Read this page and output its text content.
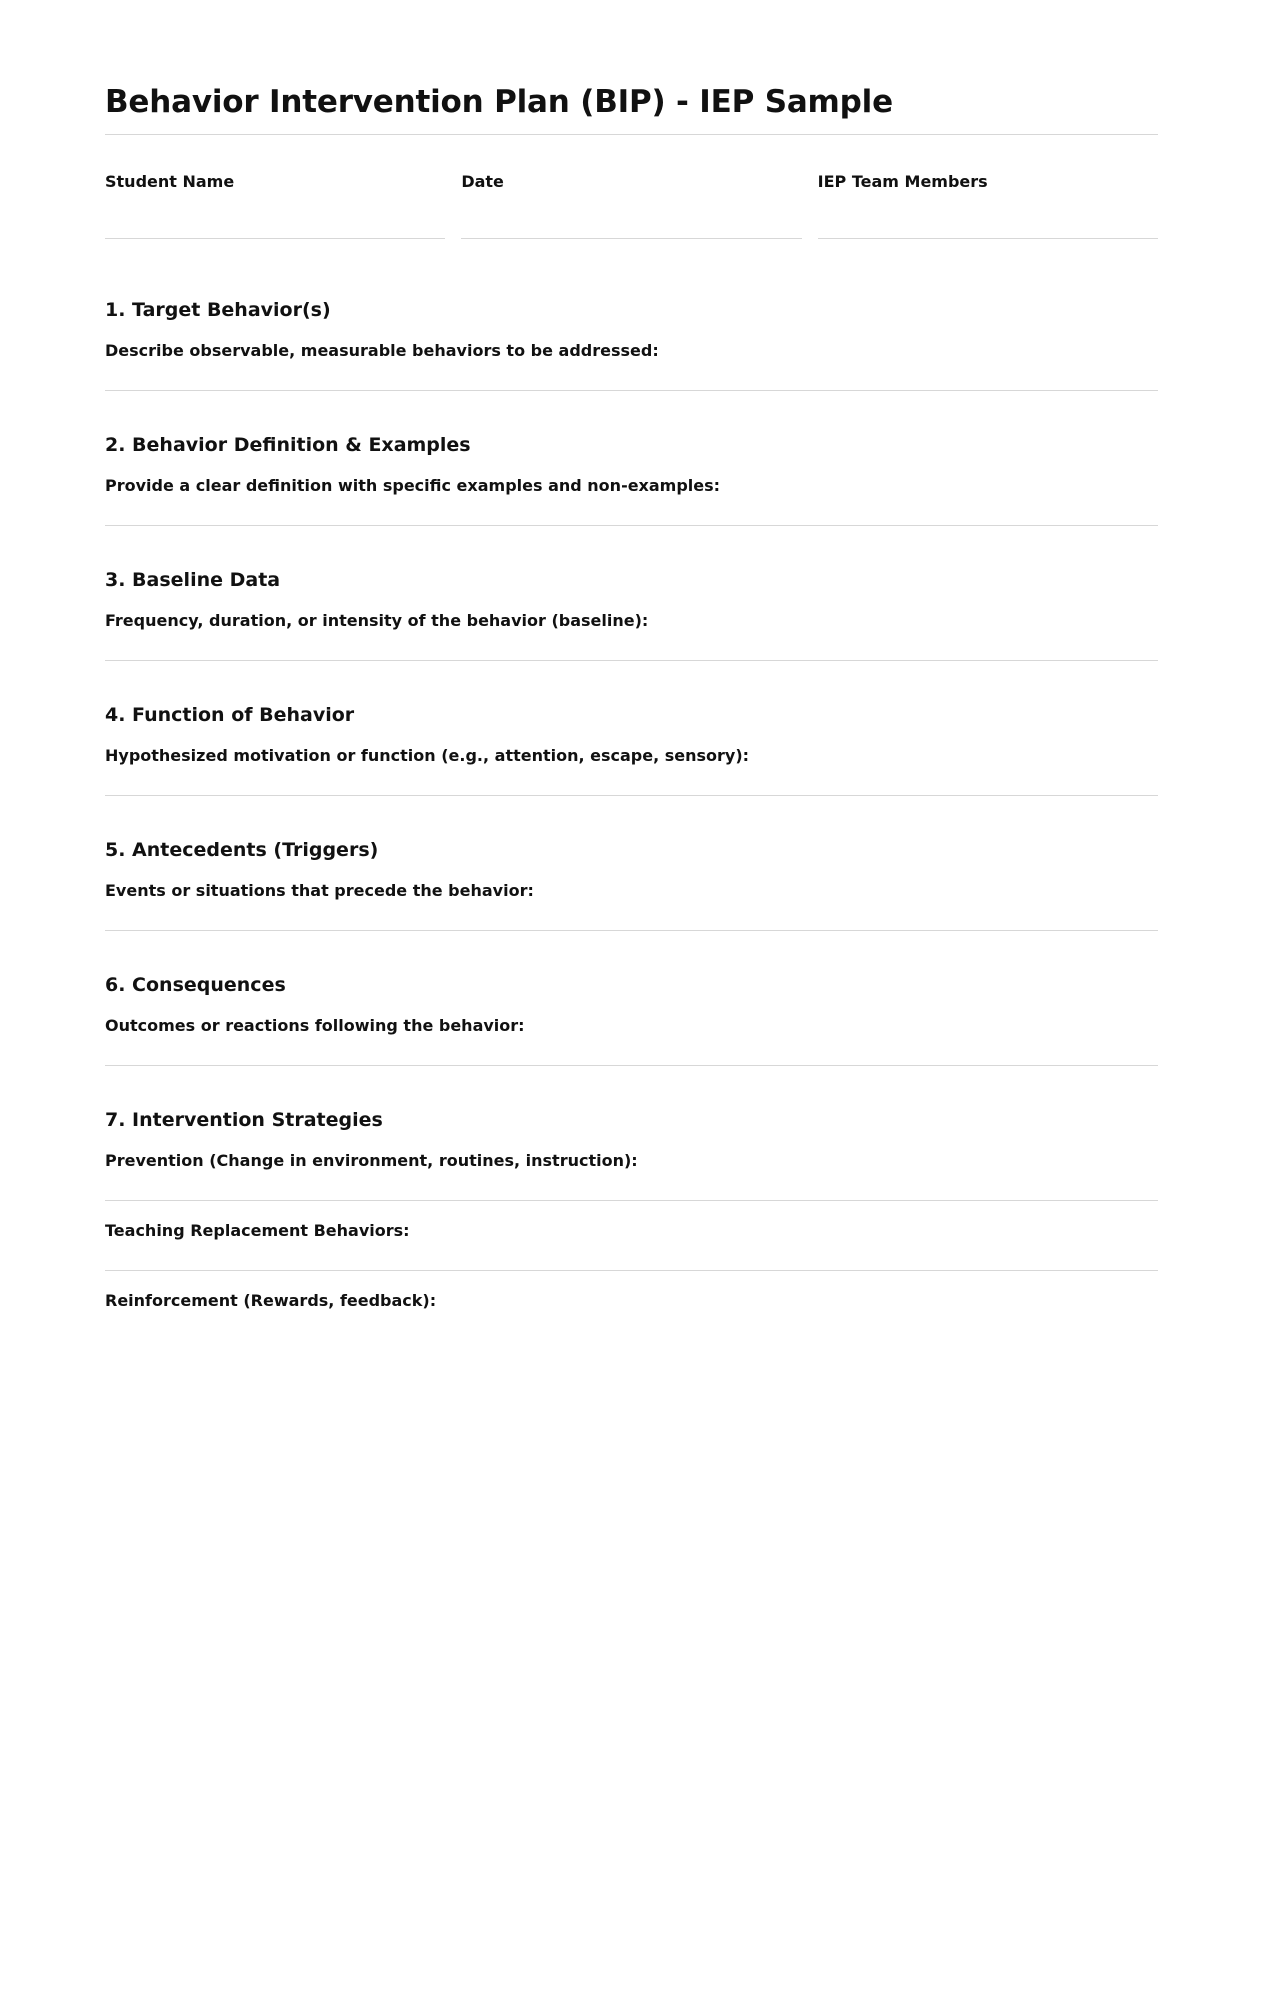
Behavior Intervention Plan (BIP) - IEP Sample
Student Name	Date	IEP Team Members
1. Target Behavior(s)
Describe observable, measurable behaviors to be addressed:
2. Behavior Definition & Examples
Provide a clear definition with specific examples and non-examples:
3. Baseline Data
Frequency, duration, or intensity of the behavior (baseline):
4. Function of Behavior
Hypothesized motivation or function (e.g., attention, escape, sensory):
5. Antecedents (Triggers)
Events or situations that precede the behavior:
6. Consequences
Outcomes or reactions following the behavior:
7. Intervention Strategies
Prevention (Change in environment, routines, instruction):
Teaching Replacement Behaviors:
Reinforcement (Rewards, feedback):
